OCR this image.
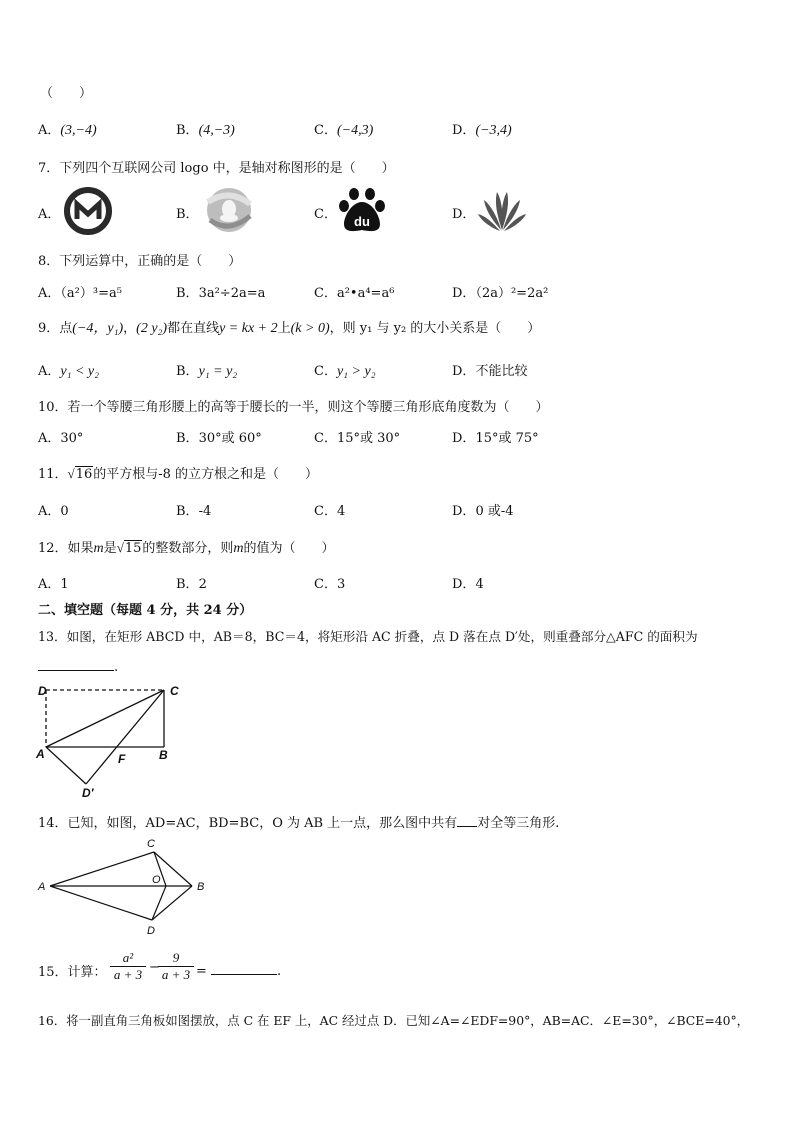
（　　）
A．(3,−4)	B．(4,−3)	C．(−4,3)	D．(−3,4)
7．下列四个互联网公司 logo 中，是轴对称图形的是（　　）
A．	B．	C． du	D．
8．下列运算中，正确的是（　　）
A．（a²）³=a⁵	B．3a²÷2a=a	C．a²•a⁴=a⁶	D．（2a）²=2a²
9．点(−4，y₁)，(2 y₂)都在直线y = kx + 2上(k > 0)，则 y₁ 与 y₂ 的大小关系是（　　）
A．y₁ < y₂	B．y₁ = y₂	C．y₁ > y₂	D．不能比较
10．若一个等腰三角形腰上的高等于腰长的一半，则这个等腰三角形底角度数为（　　）
A．30°	B．30°或 60°	C．15°或 30°	D．15°或 75°
11．√16的平方根与-8 的立方根之和是（　　）
A．0	B．-4	C．4	D．0 或-4
12．如果m是√15的整数部分，则m的值为（　　）
A．1	B．2	C．3	D．4
二、填空题（每题 4 分，共 24 分）
13．如图，在矩形 ABCD 中，AB＝8，BC＝4，将矩形沿 AC 折叠，点 D 落在点 D′处，则重叠部分△AFC 的面积为
.
D	C
A	B
F
D′
14．已知，如图，AD=AC，BD=BC，O 为 AB 上一点，那么图中共有 对全等三角形.
A	B
C
D
O
15．计算：
a²
a + 3 −
9
a + 3 =	.
16．将一副直角三角板如图摆放，点 C 在 EF 上，AC 经过点 D．已知∠A=∠EDF=90°，AB=AC．∠E=30°，∠BCE=40°，
